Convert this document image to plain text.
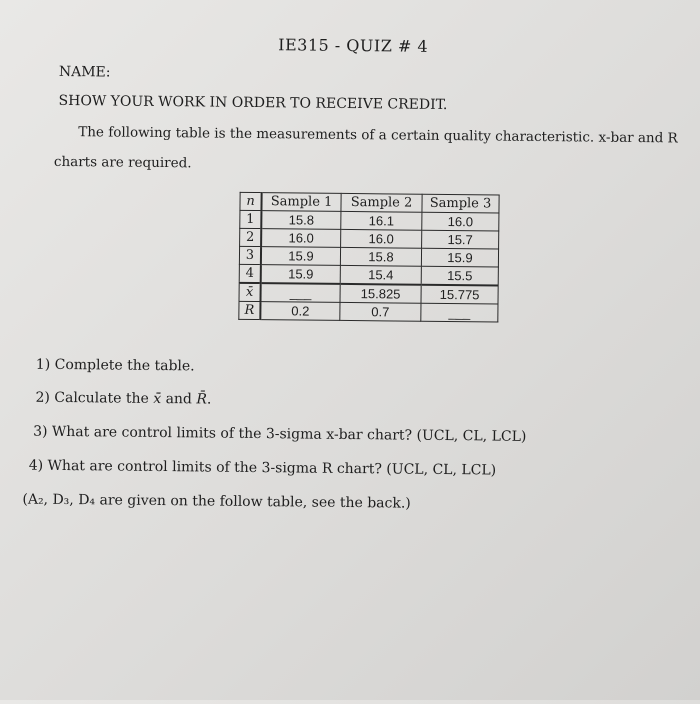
IE315 - QUIZ # 4
NAME:
SHOW YOUR WORK IN ORDER TO RECEIVE CREDIT.
The following table is the measurements of a certain quality characteristic. x-bar and R
charts are required.
n	Sample 1	Sample 2	Sample 3
1	15.8	16.1	16.0
2	16.0	16.0	15.7
3	15.9	15.8	15.9
4	15.9	15.4	15.5
x̄	___	15.825	15.775
R	0.2	0.7	___
1) Complete the table.
2) Calculate the x̄̄ and R̄.
3) What are control limits of the 3-sigma x-bar chart? (UCL, CL, LCL)
4) What are control limits of the 3-sigma R chart? (UCL, CL, LCL)
(A₂, D₃, D₄ are given on the follow table, see the back.)
